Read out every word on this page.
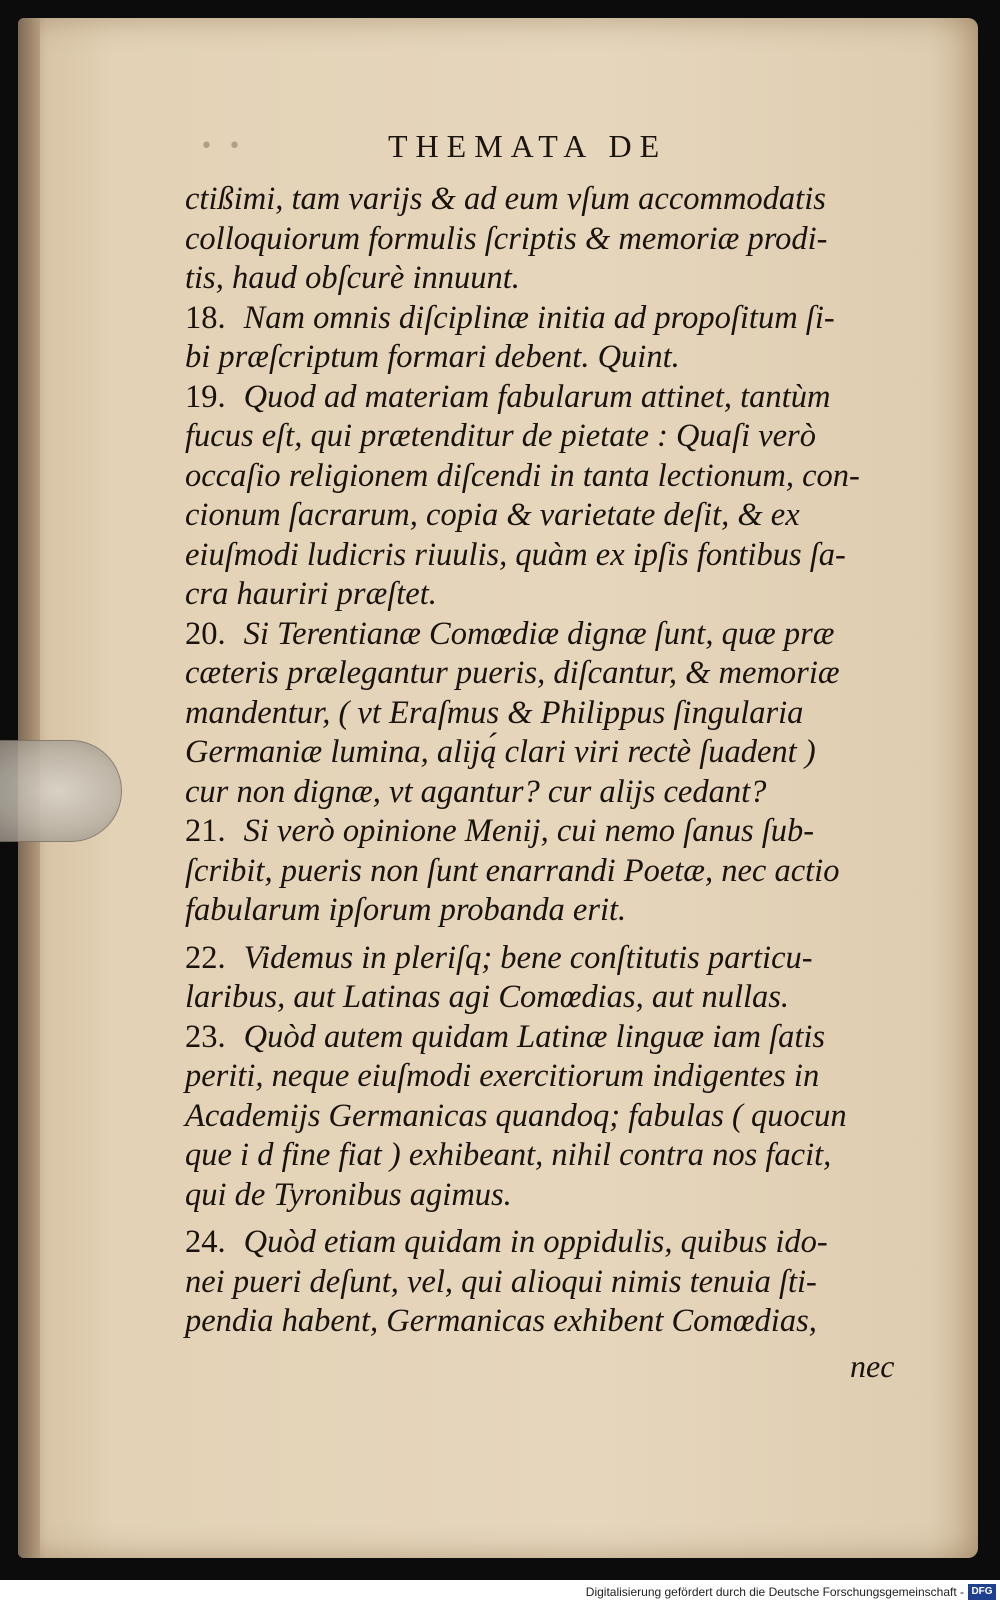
• •	THEMATA DE
ctißimi, tam varijs & ad eum vſum accommodatis
colloquiorum formulis ſcriptis & memoriæ prodi-
tis, haud obſcurè innuunt.
18. Nam omnis diſciplinæ initia ad propoſitum ſi-
bi præſcriptum formari debent. Quint.
19. Quod ad materiam fabularum attinet, tantùm
fucus eſt, qui prætenditur de pietate : Quaſi verò
occaſio religionem diſcendi in tanta lectionum, con-
cionum ſacrarum, copia & varietate deſit, & ex
eiuſmodi ludicris riuulis, quàm ex ipſis fontibus ſa-
cra hauriri præſtet.
20. Si Terentianæ Comœdiæ dignæ ſunt, quæ præ
cæteris prælegantur pueris, diſcantur, & memoriæ
mandentur, ( vt Eraſmus & Philippus ſingularia
Germaniæ lumina, aliją́ clari viri rectè ſuadent )
cur non dignæ, vt agantur? cur alijs cedant?
21. Si verò opinione Menij, cui nemo ſanus ſub-
ſcribit, pueris non ſunt enarrandi Poetæ, nec actio
fabularum ipſorum probanda erit.
22. Videmus in pleriſq; bene conſtitutis particu-
laribus, aut Latinas agi Comœdias, aut nullas.
23. Quòd autem quidam Latinæ linguæ iam ſatis
periti, neque eiuſmodi exercitiorum indigentes in
Academijs Germanicas quandoq; fabulas ( quocun
que i d fine fiat ) exhibeant, nihil contra nos facit,
qui de Tyronibus agimus.
24. Quòd etiam quidam in oppidulis, quibus ido-
nei pueri deſunt, vel, qui alioqui nimis tenuia ſti-
pendia habent, Germanicas exhibent Comœdias,
nec
Digitalisierung gefördert durch die Deutsche Forschungsgemeinschaft - DFG
